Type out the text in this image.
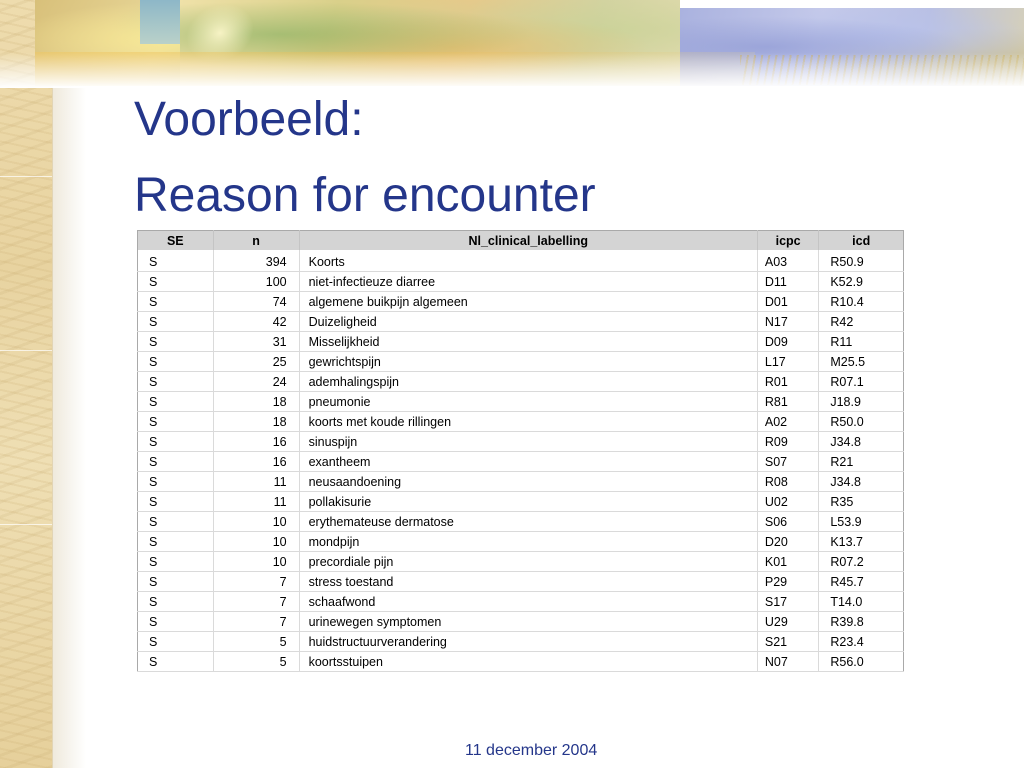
Voorbeeld:
Reason for encounter
SE	n	Nl_clinical_labelling	icpc	icd
S	394	Koorts	A03	R50.9
S	100	niet-infectieuze diarree	D11	K52.9
S	74	algemene buikpijn algemeen	D01	R10.4
S	42	Duizeligheid	N17	R42
S	31	Misselijkheid	D09	R11
S	25	gewrichtspijn	L17	M25.5
S	24	ademhalingspijn	R01	R07.1
S	18	pneumonie	R81	J18.9
S	18	koorts met koude rillingen	A02	R50.0
S	16	sinuspijn	R09	J34.8
S	16	exantheem	S07	R21
S	11	neusaandoening	R08	J34.8
S	11	pollakisurie	U02	R35
S	10	erythemateuse dermatose	S06	L53.9
S	10	mondpijn	D20	K13.7
S	10	precordiale pijn	K01	R07.2
S	7	stress toestand	P29	R45.7
S	7	schaafwond	S17	T14.0
S	7	urinewegen symptomen	U29	R39.8
S	5	huidstructuurverandering	S21	R23.4
S	5	koortsstuipen	N07	R56.0
11 december 2004
